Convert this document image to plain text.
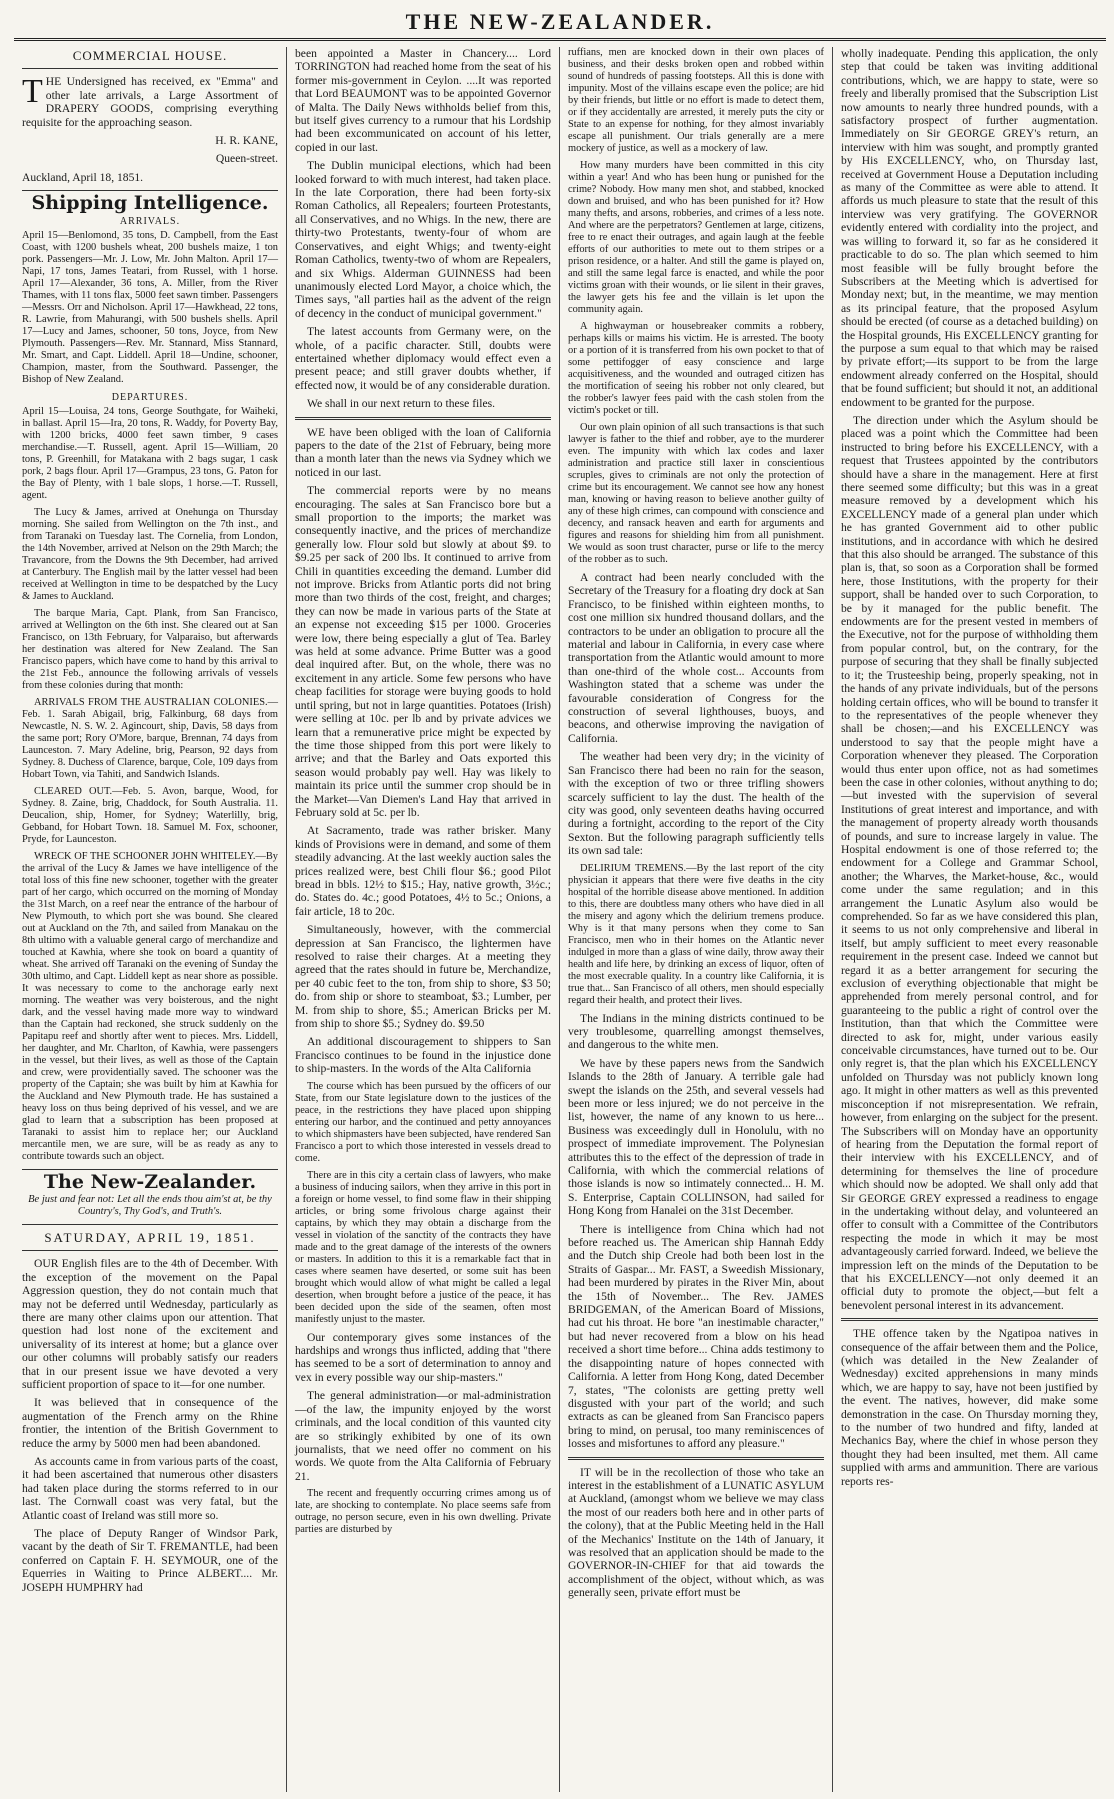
THE NEW-ZEALANDER.
COMMERCIAL HOUSE.

THE Undersigned has received, ex "Emma" and other late arrivals, a Large Assortment of DRAPERY GOODS, comprising everything requisite for the approaching season.

H. R. KANE,

Queen-street.

Auckland, April 18, 1851.

Shipping Intelligence.
ARRIVALS.

April 15—Benlomond, 35 tons, D. Campbell, from the East Coast, with 1200 bushels wheat, 200 bushels maize, 1 ton pork. Passengers—Mr. J. Low, Mr. John Malton. April 17—Napi, 17 tons, James Teatari, from Russel, with 1 horse. April 17—Alexander, 36 tons, A. Miller, from the River Thames, with 11 tons flax, 5000 feet sawn timber. Passengers—Messrs. Orr and Nicholson. April 17—Hawkhead, 22 tons, R. Lawrie, from Mahurangi, with 500 bushels shells. April 17—Lucy and James, schooner, 50 tons, Joyce, from New Plymouth. Passengers—Rev. Mr. Stannard, Miss Stannard, Mr. Smart, and Capt. Liddell. April 18—Undine, schooner, Champion, master, from the Southward. Passenger, the Bishop of New Zealand.

DEPARTURES.

April 15—Louisa, 24 tons, George Southgate, for Waiheki, in ballast. April 15—Ira, 20 tons, R. Waddy, for Poverty Bay, with 1200 bricks, 4000 feet sawn timber, 9 cases merchandise.—T. Russell, agent. April 15—William, 20 tons, P. Greenhill, for Matakana with 2 bags sugar, 1 cask pork, 2 bags flour. April 17—Grampus, 23 tons, G. Paton for the Bay of Plenty, with 1 bale slops, 1 horse.—T. Russell, agent.

The Lucy & James, arrived at Onehunga on Thursday morning. She sailed from Wellington on the 7th inst., and from Taranaki on Tuesday last. The Cornelia, from London, the 14th November, arrived at Nelson on the 29th March; the Travancore, from the Downs the 9th December, had arrived at Canterbury. The English mail by the latter vessel had been received at Wellington in time to be despatched by the Lucy & James to Auckland.

The barque Maria, Capt. Plank, from San Francisco, arrived at Wellington on the 6th inst. She cleared out at San Francisco, on 13th February, for Valparaiso, but afterwards her destination was altered for New Zealand. The San Francisco papers, which have come to hand by this arrival to the 21st Feb., announce the following arrivals of vessels from these colonies during that month:

ARRIVALS FROM THE AUSTRALIAN COLONIES.—Feb. 1. Sarah Abigail, brig, Falkinburg, 68 days from Newcastle, N. S. W. 2. Agincourt, ship, Davis, 58 days from the same port; Rory O'More, barque, Brennan, 74 days from Launceston. 7. Mary Adeline, brig, Pearson, 92 days from Sydney. 8. Duchess of Clarence, barque, Cole, 109 days from Hobart Town, via Tahiti, and Sandwich Islands.

CLEARED OUT.—Feb. 5. Avon, barque, Wood, for Sydney. 8. Zaine, brig, Chaddock, for South Australia. 11. Deucalion, ship, Homer, for Sydney; Waterlilly, brig, Gebband, for Hobart Town. 18. Samuel M. Fox, schooner, Pryde, for Launceston.

WRECK OF THE SCHOONER JOHN WHITELEY.—By the arrival of the Lucy & James we have intelligence of the total loss of this fine new schooner, together with the greater part of her cargo, which occurred on the morning of Monday the 31st March, on a reef near the entrance of the harbour of New Plymouth, to which port she was bound. She cleared out at Auckland on the 7th, and sailed from Manakau on the 8th ultimo with a valuable general cargo of merchandize and touched at Kawhia, where she took on board a quantity of wheat. She arrived off Taranaki on the evening of Sunday the 30th ultimo, and Capt. Liddell kept as near shore as possible. It was necessary to come to the anchorage early next morning. The weather was very boisterous, and the night dark, and the vessel having made more way to windward than the Captain had reckoned, she struck suddenly on the Papitapu reef and shortly after went to pieces. Mrs. Liddell, her daughter, and Mr. Charlton, of Kawhia, were passengers in the vessel, but their lives, as well as those of the Captain and crew, were providentially saved. The schooner was the property of the Captain; she was built by him at Kawhia for the Auckland and New Plymouth trade. He has sustained a heavy loss on thus being deprived of his vessel, and we are glad to learn that a subscription has been proposed at Taranaki to assist him to replace her; our Auckland mercantile men, we are sure, will be as ready as any to contribute towards such an object.

The New-Zealander.
Be just and fear not: Let all the ends thou aim'st at, be thy Country's, Thy God's, and Truth's.
SATURDAY, APRIL 19, 1851.

OUR English files are to the 4th of December. With the exception of the movement on the Papal Aggression question, they do not contain much that may not be deferred until Wednesday, particularly as there are many other claims upon our attention. That question had lost none of the excitement and universality of its interest at home; but a glance over our other columns will probably satisfy our readers that in our present issue we have devoted a very sufficient proportion of space to it—for one number.

It was believed that in consequence of the augmentation of the French army on the Rhine frontier, the intention of the British Government to reduce the army by 5000 men had been abandoned.

As accounts came in from various parts of the coast, it had been ascertained that numerous other disasters had taken place during the storms referred to in our last. The Cornwall coast was very fatal, but the Atlantic coast of Ireland was still more so.

The place of Deputy Ranger of Windsor Park, vacant by the death of Sir T. FREMANTLE, had been conferred on Captain F. H. SEYMOUR, one of the Equerries in Waiting to Prince ALBERT.... Mr. JOSEPH HUMPHRY had

been appointed a Master in Chancery.... Lord TORRINGTON had reached home from the seat of his former mis-government in Ceylon. ....It was reported that Lord BEAUMONT was to be appointed Governor of Malta. The Daily News withholds belief from this, but itself gives currency to a rumour that his Lordship had been excommunicated on account of his letter, copied in our last.

The Dublin municipal elections, which had been looked forward to with much interest, had taken place. In the late Corporation, there had been forty-six Roman Catholics, all Repealers; fourteen Protestants, all Conservatives, and no Whigs. In the new, there are thirty-two Protestants, twenty-four of whom are Conservatives, and eight Whigs; and twenty-eight Roman Catholics, twenty-two of whom are Repealers, and six Whigs. Alderman GUINNESS had been unanimously elected Lord Mayor, a choice which, the Times says, "all parties hail as the advent of the reign of decency in the conduct of municipal government."

The latest accounts from Germany were, on the whole, of a pacific character. Still, doubts were entertained whether diplomacy would effect even a present peace; and still graver doubts whether, if effected now, it would be of any considerable duration.

We shall in our next return to these files.

WE have been obliged with the loan of California papers to the date of the 21st of February, being more than a month later than the news via Sydney which we noticed in our last.

The commercial reports were by no means encouraging. The sales at San Francisco bore but a small proportion to the imports; the market was consequently inactive, and the prices of merchandize generally low. Flour sold but slowly at about $9. to $9.25 per sack of 200 lbs. It continued to arrive from Chili in quantities exceeding the demand. Lumber did not improve. Bricks from Atlantic ports did not bring more than two thirds of the cost, freight, and charges; they can now be made in various parts of the State at an expense not exceeding $15 per 1000. Groceries were low, there being especially a glut of Tea. Barley was held at some advance. Prime Butter was a good deal inquired after. But, on the whole, there was no excitement in any article. Some few persons who have cheap facilities for storage were buying goods to hold until spring, but not in large quantities. Potatoes (Irish) were selling at 10c. per lb and by private advices we learn that a remunerative price might be expected by the time those shipped from this port were likely to arrive; and that the Barley and Oats exported this season would probably pay well. Hay was likely to maintain its price until the summer crop should be in the Market—Van Diemen's Land Hay that arrived in February sold at 5c. per lb.

At Sacramento, trade was rather brisker. Many kinds of Provisions were in demand, and some of them steadily advancing. At the last weekly auction sales the prices realized were, best Chili flour $6.; good Pilot bread in bbls. 12½ to $15.; Hay, native growth, 3½c.; do. States do. 4c.; good Potatoes, 4½ to 5c.; Onions, a fair article, 18 to 20c.

Simultaneously, however, with the commercial depression at San Francisco, the lightermen have resolved to raise their charges. At a meeting they agreed that the rates should in future be, Merchandize, per 40 cubic feet to the ton, from ship to shore, $3 50; do. from ship or shore to steamboat, $3.; Lumber, per M. from ship to shore, $5.; American Bricks per M. from ship to shore $5.; Sydney do. $9.50

An additional discouragement to shippers to San Francisco continues to be found in the injustice done to ship-masters. In the words of the Alta California

The course which has been pursued by the officers of our State, from our State legislature down to the justices of the peace, in the restrictions they have placed upon shipping entering our harbor, and the continued and petty annoyances to which shipmasters have been subjected, have rendered San Francisco a port to which those interested in vessels dread to come.

There are in this city a certain class of lawyers, who make a business of inducing sailors, when they arrive in this port in a foreign or home vessel, to find some flaw in their shipping articles, or bring some frivolous charge against their captains, by which they may obtain a discharge from the vessel in violation of the sanctity of the contracts they have made and to the great damage of the interests of the owners or masters. In addition to this it is a remarkable fact that in cases where seamen have deserted, or some suit has been brought which would allow of what might be called a legal desertion, when brought before a justice of the peace, it has been decided upon the side of the seamen, often most manifestly unjust to the master.

Our contemporary gives some instances of the hardships and wrongs thus inflicted, adding that "there has seemed to be a sort of determination to annoy and vex in every possible way our ship-masters."

The general administration—or mal-administration—of the law, the impunity enjoyed by the worst criminals, and the local condition of this vaunted city are so strikingly exhibited by one of its own journalists, that we need offer no comment on his words. We quote from the Alta California of February 21.

The recent and frequently occurring crimes among us of late, are shocking to contemplate. No place seems safe from outrage, no person secure, even in his own dwelling. Private parties are disturbed by

ruffians, men are knocked down in their own places of business, and their desks broken open and robbed within sound of hundreds of passing footsteps. All this is done with impunity. Most of the villains escape even the police; are hid by their friends, but little or no effort is made to detect them, or if they accidentally are arrested, it merely puts the city or State to an expense for nothing, for they almost invariably escape all punishment. Our trials generally are a mere mockery of justice, as well as a mockery of law.

How many murders have been committed in this city within a year! And who has been hung or punished for the crime? Nobody. How many men shot, and stabbed, knocked down and bruised, and who has been punished for it? How many thefts, and arsons, robberies, and crimes of a less note. And where are the perpetrators? Gentlemen at large, citizens, free to re enact their outrages, and again laugh at the feeble efforts of our authorities to mete out to them stripes or a prison residence, or a halter. And still the game is played on, and still the same legal farce is enacted, and while the poor victims groan with their wounds, or lie silent in their graves, the lawyer gets his fee and the villain is let upon the community again.

A highwayman or housebreaker commits a robbery, perhaps kills or maims his victim. He is arrested. The booty or a portion of it is transferred from his own pocket to that of some pettifogger of easy conscience and large acquisitiveness, and the wounded and outraged citizen has the mortification of seeing his robber not only cleared, but the robber's lawyer fees paid with the cash stolen from the victim's pocket or till.

Our own plain opinion of all such transactions is that such lawyer is father to the thief and robber, aye to the murderer even. The impunity with which lax codes and laxer administration and practice still laxer in conscientious scruples, gives to criminals are not only the protection of crime but its encouragement. We cannot see how any honest man, knowing or having reason to believe another guilty of any of these high crimes, can compound with conscience and decency, and ransack heaven and earth for arguments and figures and reasons for shielding him from all punishment. We would as soon trust character, purse or life to the mercy of the robber as to such.

A contract had been nearly concluded with the Secretary of the Treasury for a floating dry dock at San Francisco, to be finished within eighteen months, to cost one million six hundred thousand dollars, and the contractors to be under an obligation to procure all the material and labour in California, in every case where transportation from the Atlantic would amount to more than one-third of the whole cost... Accounts from Washington stated that a scheme was under the favourable consideration of Congress for the construction of several lighthouses, buoys, and beacons, and otherwise improving the navigation of California.

The weather had been very dry; in the vicinity of San Francisco there had been no rain for the season, with the exception of two or three trifling showers scarcely sufficient to lay the dust. The health of the city was good, only seventeen deaths having occurred during a fortnight, according to the report of the City Sexton. But the following paragraph sufficiently tells its own sad tale:

DELIRIUM TREMENS.—By the last report of the city physician it appears that there were five deaths in the city hospital of the horrible disease above mentioned. In addition to this, there are doubtless many others who have died in all the misery and agony which the delirium tremens produce. Why is it that many persons when they come to San Francisco, men who in their homes on the Atlantic never indulged in more than a glass of wine daily, throw away their health and life here, by drinking an excess of liquor, often of the most execrable quality. In a country like California, it is true that... San Francisco of all others, men should especially regard their health, and protect their lives.

The Indians in the mining districts continued to be very troublesome, quarrelling amongst themselves, and dangerous to the white men.

We have by these papers news from the Sandwich Islands to the 28th of January. A terrible gale had swept the islands on the 25th, and several vessels had been more or less injured; we do not perceive in the list, however, the name of any known to us here... Business was exceedingly dull in Honolulu, with no prospect of immediate improvement. The Polynesian attributes this to the effect of the depression of trade in California, with which the commercial relations of those islands is now so intimately connected... H. M. S. Enterprise, Captain COLLINSON, had sailed for Hong Kong from Hanalei on the 31st December.

There is intelligence from China which had not before reached us. The American ship Hannah Eddy and the Dutch ship Creole had both been lost in the Straits of Gaspar... Mr. FAST, a Sweedish Missionary, had been murdered by pirates in the River Min, about the 15th of November... The Rev. JAMES BRIDGEMAN, of the American Board of Missions, had cut his throat. He bore "an inestimable character," but had never recovered from a blow on his head received a short time before... China adds testimony to the disappointing nature of hopes connected with California. A letter from Hong Kong, dated December 7, states, "The colonists are getting pretty well disgusted with your part of the world; and such extracts as can be gleaned from San Francisco papers bring to mind, on perusal, too many reminiscences of losses and misfortunes to afford any pleasure."

IT will be in the recollection of those who take an interest in the establishment of a LUNATIC ASYLUM at Auckland, (amongst whom we believe we may class the most of our readers both here and in other parts of the colony), that at the Public Meeting held in the Hall of the Mechanics' Institute on the 14th of January, it was resolved that an application should be made to the GOVERNOR-IN-CHIEF for that aid towards the accomplishment of the object, without which, as was generally seen, private effort must be

wholly inadequate. Pending this application, the only step that could be taken was inviting additional contributions, which, we are happy to state, were so freely and liberally promised that the Subscription List now amounts to nearly three hundred pounds, with a satisfactory prospect of further augmentation. Immediately on Sir GEORGE GREY's return, an interview with him was sought, and promptly granted by His EXCELLENCY, who, on Thursday last, received at Government House a Deputation including as many of the Committee as were able to attend. It affords us much pleasure to state that the result of this interview was very gratifying. The GOVERNOR evidently entered with cordiality into the project, and was willing to forward it, so far as he considered it practicable to do so. The plan which seemed to him most feasible will be fully brought before the Subscribers at the Meeting which is advertised for Monday next; but, in the meantime, we may mention as its principal feature, that the proposed Asylum should be erected (of course as a detached building) on the Hospital grounds, His EXCELLENCY granting for the purpose a sum equal to that which may be raised by private effort;—its support to be from the large endowment already conferred on the Hospital, should that be found sufficient; but should it not, an additional endowment to be granted for the purpose.

The direction under which the Asylum should be placed was a point which the Committee had been instructed to bring before his EXCELLENCY, with a request that Trustees appointed by the contributors should have a share in the management. Here at first there seemed some difficulty; but this was in a great measure removed by a development which his EXCELLENCY made of a general plan under which he has granted Government aid to other public institutions, and in accordance with which he desired that this also should be arranged. The substance of this plan is, that, so soon as a Corporation shall be formed here, those Institutions, with the property for their support, shall be handed over to such Corporation, to be by it managed for the public benefit. The endowments are for the present vested in members of the Executive, not for the purpose of withholding them from popular control, but, on the contrary, for the purpose of securing that they shall be finally subjected to it; the Trusteeship being, properly speaking, not in the hands of any private individuals, but of the persons holding certain offices, who will be bound to transfer it to the representatives of the people whenever they shall be chosen;—and his EXCELLENCY was understood to say that the people might have a Corporation whenever they pleased. The Corporation would thus enter upon office, not as had sometimes been the case in other colonies, without anything to do;—but invested with the supervision of several Institutions of great interest and importance, and with the management of property already worth thousands of pounds, and sure to increase largely in value. The Hospital endowment is one of those referred to; the endowment for a College and Grammar School, another; the Wharves, the Market-house, &c., would come under the same regulation; and in this arrangement the Lunatic Asylum also would be comprehended. So far as we have considered this plan, it seems to us not only comprehensive and liberal in itself, but amply sufficient to meet every reasonable requirement in the present case. Indeed we cannot but regard it as a better arrangement for securing the exclusion of everything objectionable that might be apprehended from merely personal control, and for guaranteeing to the public a right of control over the Institution, than that which the Committee were directed to ask for, might, under various easily conceivable circumstances, have turned out to be. Our only regret is, that the plan which his EXCELLENCY unfolded on Thursday was not publicly known long ago. It might in other matters as well as this prevented misconception if not misrepresentation. We refrain, however, from enlarging on the subject for the present. The Subscribers will on Monday have an opportunity of hearing from the Deputation the formal report of their interview with his EXCELLENCY, and of determining for themselves the line of procedure which should now be adopted. We shall only add that Sir GEORGE GREY expressed a readiness to engage in the undertaking without delay, and volunteered an offer to consult with a Committee of the Contributors respecting the mode in which it may be most advantageously carried forward. Indeed, we believe the impression left on the minds of the Deputation to be that his EXCELLENCY—not only deemed it an official duty to promote the object,—but felt a benevolent personal interest in its advancement.

THE offence taken by the Ngatipoa natives in consequence of the affair between them and the Police, (which was detailed in the New Zealander of Wednesday) excited apprehensions in many minds which, we are happy to say, have not been justified by the event. The natives, however, did make some demonstration in the case. On Thursday morning they, to the number of two hundred and fifty, landed at Mechanics Bay, where the chief in whose person they thought they had been insulted, met them. All came supplied with arms and ammunition. There are various reports res-
